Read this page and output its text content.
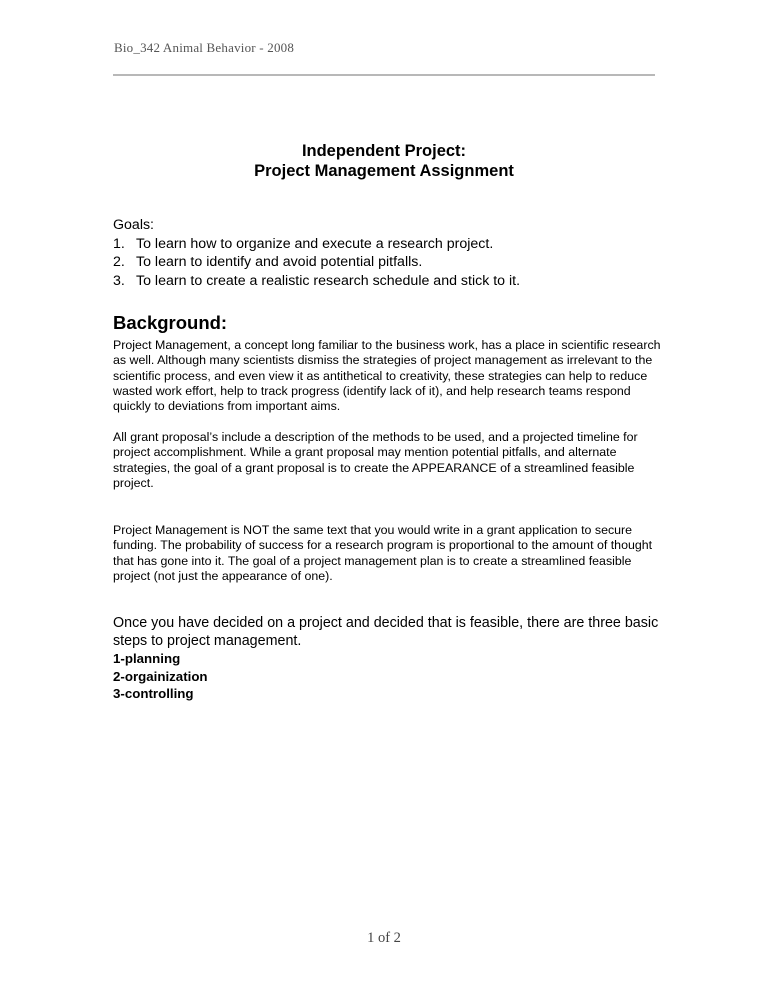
Bio_342 Animal Behavior - 2008
Independent Project:
Project Management Assignment
Goals:
1. To learn how to organize and execute a research project.
2. To learn to identify and avoid potential pitfalls.
3. To learn to create a realistic research schedule and stick to it.
Background:

Project Management, a concept long familiar to the business work, has a place in scientific research as well. Although many scientists dismiss the strategies of project management as irrelevant to the scientific process, and even view it as antithetical to creativity, these strategies can help to reduce wasted work effort, help to track progress (identify lack of it), and help research teams respond quickly to deviations from important aims.

All grant proposal’s include a description of the methods to be used, and a projected timeline for project accomplishment. While a grant proposal may mention potential pitfalls, and alternate strategies, the goal of a grant proposal is to create the APPEARANCE of a streamlined feasible project.

Project Management is NOT the same text that you would write in a grant application to secure funding. The probability of success for a research program is proportional to the amount of thought that has gone into it. The goal of a project management plan is to create a streamlined feasible project (not just the appearance of one).

Once you have decided on a project and decided that is feasible, there are three basic steps to project management.
1-planning
2-orgainization
3-controlling
1 of 2
